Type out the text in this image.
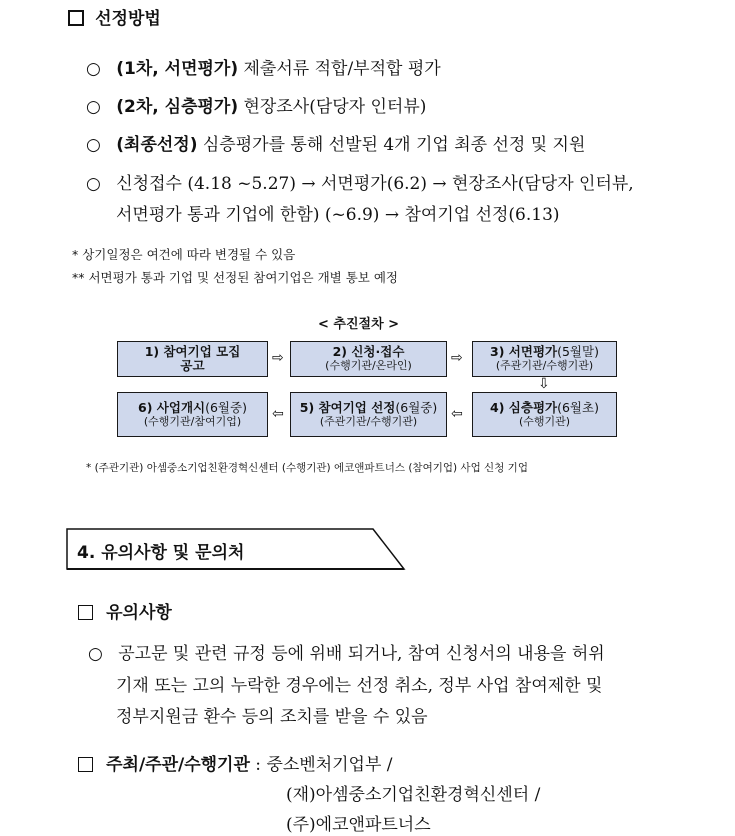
선정방법
○ (1차, 서면평가) 제출서류 적합/부적합 평가
○ (2차, 심층평가) 현장조사(담당자 인터뷰)
○ (최종선정) 심층평가를 통해 선발된 4개 기업 최종 선정 및 지원
○ 신청접수 (4.18 ~5.27) → 서면평가(6.2) → 현장조사(담당자 인터뷰,
서면평가 통과 기업에 한함) (~6.9) → 참여기업 선정(6.13)
* 상기일정은 여건에 따라 변경될 수 있음
** 서면평가 통과 기업 및 선정된 참여기업은 개별 통보 예정
< 추진절차 >
1) 참여기업 모집
공고	⇨	2) 신청·접수
(수행기관/온라인)	⇨	3) 서면평가(5월말)
(주관기관/수행기관)
⇩
6) 사업개시(6월중)
(수행기관/참여기업)	⇦	5) 참여기업 선정(6월중)
(주관기관/수행기관)	⇦	4) 심층평가(6월초)
(수행기관)
* (주관기관) 아셈중소기업친환경혁신센터 (수행기관) 에코앤파트너스 (참여기업) 사업 신청 기업
4. 유의사항 및 문의처
유의사항
○ 공고문 및 관련 규정 등에 위배 되거나, 참여 신청서의 내용을 허위
기재 또는 고의 누락한 경우에는 선정 취소, 정부 사업 참여제한 및
정부지원금 환수 등의 조치를 받을 수 있음
주최/주관/수행기관 : 중소벤처기업부 /
(재)아셈중소기업친환경혁신센터 /
(주)에코앤파트너스
